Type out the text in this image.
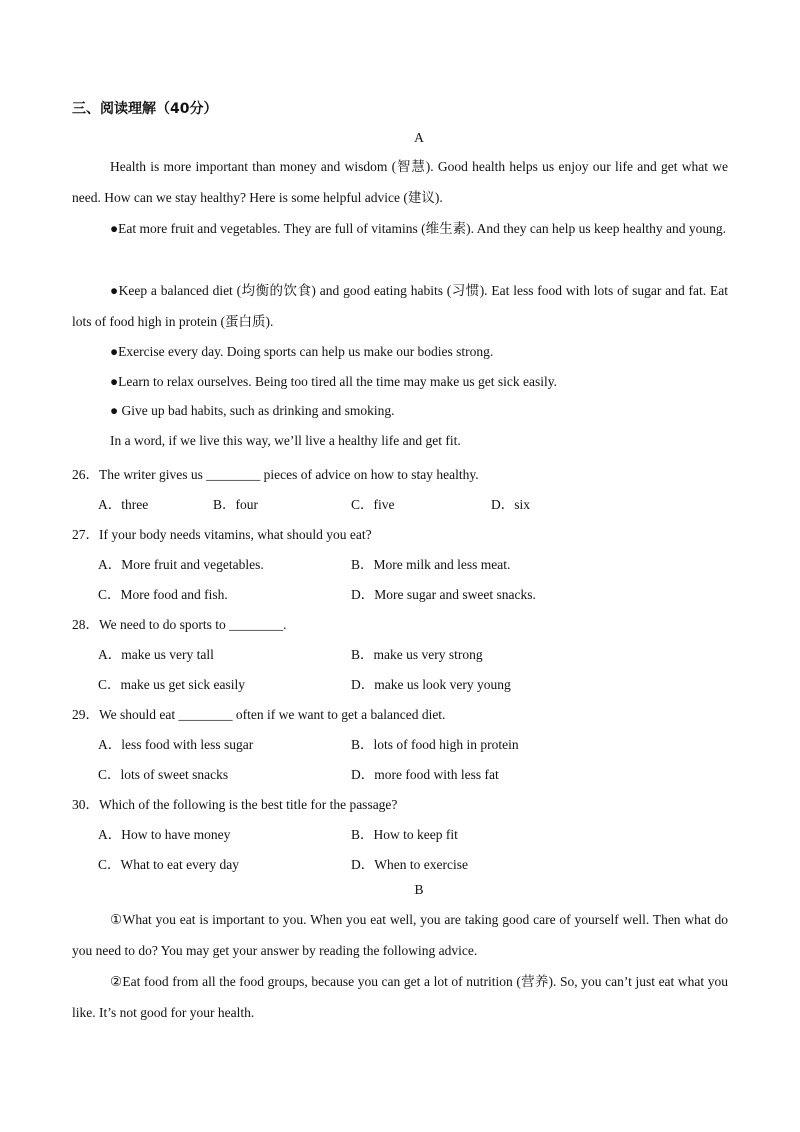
三、阅读理解（40分）
A
Health is more important than money and wisdom (智慧). Good health helps us enjoy our life and get what we need. How can we stay healthy? Here is some helpful advice (建议).
●Eat more fruit and vegetables. They are full of vitamins (维生素). And they can help us keep healthy and young.
●Keep a balanced diet (均衡的饮食) and good eating habits (习惯). Eat less food with lots of sugar and fat. Eat lots of food high in protein (蛋白质).
●Exercise every day. Doing sports can help us make our bodies strong.
●Learn to relax ourselves. Being too tired all the time may make us get sick easily.
● Give up bad habits, such as drinking and smoking.
In a word, if we live this way, we’ll live a healthy life and get fit.
26．The writer gives us ________ pieces of advice on how to stay healthy.
A．three	B．four	C．five	D．six
27．If your body needs vitamins, what should you eat?
A．More fruit and vegetables.	B．More milk and less meat.
C．More food and fish.	D．More sugar and sweet snacks.
28．We need to do sports to ________.
A．make us very tall	B．make us very strong
C．make us get sick easily	D．make us look very young
29．We should eat ________ often if we want to get a balanced diet.
A．less food with less sugar	B．lots of food high in protein
C．lots of sweet snacks	D．more food with less fat
30．Which of the following is the best title for the passage?
A．How to have money	B．How to keep fit
C．What to eat every day	D．When to exercise
B
①What you eat is important to you. When you eat well, you are taking good care of yourself well. Then what do you need to do? You may get your answer by reading the following advice.
②Eat food from all the food groups, because you can get a lot of nutrition (营养). So, you can’t just eat what you like. It’s not good for your health.
